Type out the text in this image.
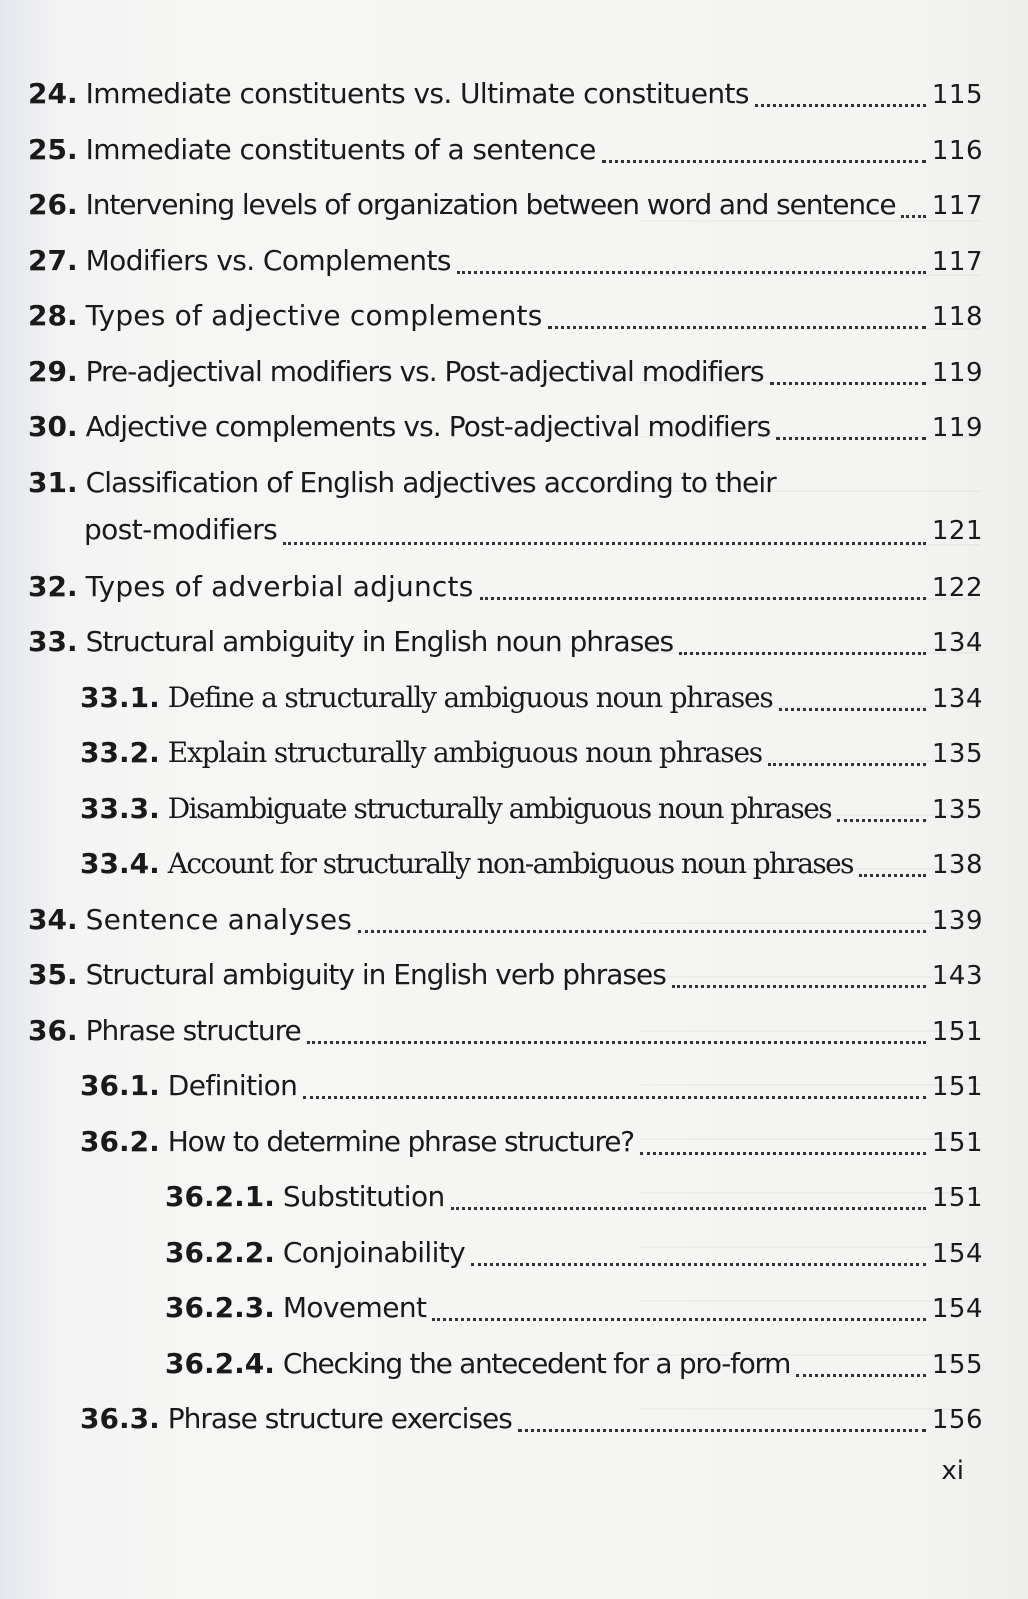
24. Immediate constituents vs. Ultimate constituents	115
25. Immediate constituents of a sentence	116
26. Intervening levels of organization between word and sentence 117
27. Modifiers vs. Complements	117
28. Types of adjective complements	118
29. Pre-adjectival modifiers vs. Post-adjectival modifiers	119
30. Adjective complements vs. Post-adjectival modifiers	119
31. Classification of English adjectives according to their
post-modifiers	121
32. Types of adverbial adjuncts	122
33. Structural ambiguity in English noun phrases	134
33.1. Define a structurally ambiguous noun phrases	134
33.2. Explain structurally ambiguous noun phrases	135
33.3. Disambiguate structurally ambiguous noun phrases	135
33.4. Account for structurally non-ambiguous noun phrases	138
34. Sentence analyses	139
35. Structural ambiguity in English verb phrases	143
36. Phrase structure	151
36.1. Definition	151
36.2. How to determine phrase structure?	151
36.2.1. Substitution	151
36.2.2. Conjoinability	154
36.2.3. Movement	154
36.2.4. Checking the antecedent for a pro-form	155
36.3. Phrase structure exercises	156
xi
